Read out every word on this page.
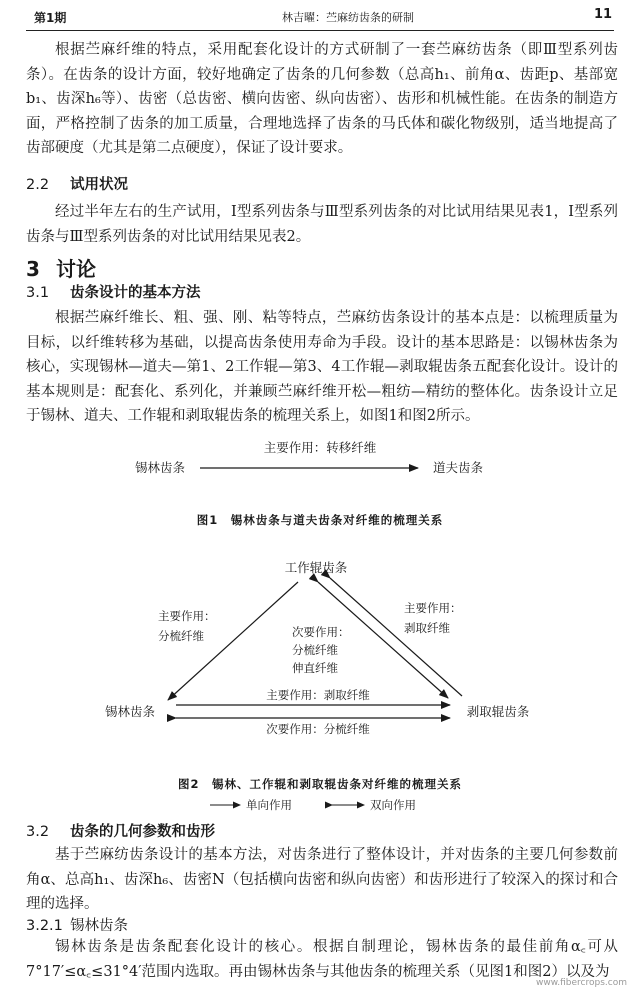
第1期	林吉曜：苎麻纺齿条的研制	11

根据苎麻纤维的特点，采用配套化设计的方式研制了一套苎麻纺齿条（即Ⅲ型系列齿条）。在齿条的设计方面，较好地确定了齿条的几何参数（总高h₁、前角α、齿距p、基部宽b₁、齿深h₆等）、齿密（总齿密、横向齿密、纵向齿密）、齿形和机械性能。在齿条的制造方面，严格控制了齿条的加工质量，合理地选择了齿条的马氏体和碳化物级别，适当地提高了齿部硬度（尤其是第二点硬度），保证了设计要求。

2.2 试用状况

经过半年左右的生产试用，Ⅰ型系列齿条与Ⅲ型系列齿条的对比试用结果见表1，Ⅰ型系列齿条与Ⅲ型系列齿条的对比试用结果见表2。

3 讨论

3.1 齿条设计的基本方法

根据苎麻纤维长、粗、强、刚、粘等特点，苎麻纺齿条设计的基本点是：以梳理质量为目标，以纤维转移为基础，以提高齿条使用寿命为手段。设计的基本思路是：以锡林齿条为核心，实现锡林—道夫—第1、2工作辊—第3、4工作辊—剥取辊齿条五配套化设计。设计的基本规则是：配套化、系列化，并兼顾苎麻纤维开松—粗纺—精纺的整体化。齿条设计立足于锡林、道夫、工作辊和剥取辊齿条的梳理关系上，如图1和图2所示。

主要作用：转移纤维
锡林齿条	道夫齿条
图1　锡林齿条与道夫齿条对纤维的梳理关系
工作辊齿条
锡林齿条	剥取辊齿条
主要作用：
分梳纤维
主要作用：
剥取纤维
次要作用：
分梳纤维
伸直纤维
主要作用：剥取纤维
次要作用：分梳纤维
图2　锡林、工作辊和剥取辊齿条对纤维的梳理关系
单向作用	双向作用

3.2 齿条的几何参数和齿形

基于苎麻纺齿条设计的基本方法，对齿条进行了整体设计，并对齿条的主要几何参数前角α、总高h₁、齿深h₆、齿密N（包括横向齿密和纵向齿密）和齿形进行了较深入的探讨和合理的选择。

3.2.1 锡林齿条

锡林齿条是齿条配套化设计的核心。根据自制理论，锡林齿条的最佳前角α꜀可从7°17′≤α꜀≤31°4′范围内选取。再由锡林齿条与其他齿条的梳理关系（见图1和图2）以及为

www.fibercrops.com
